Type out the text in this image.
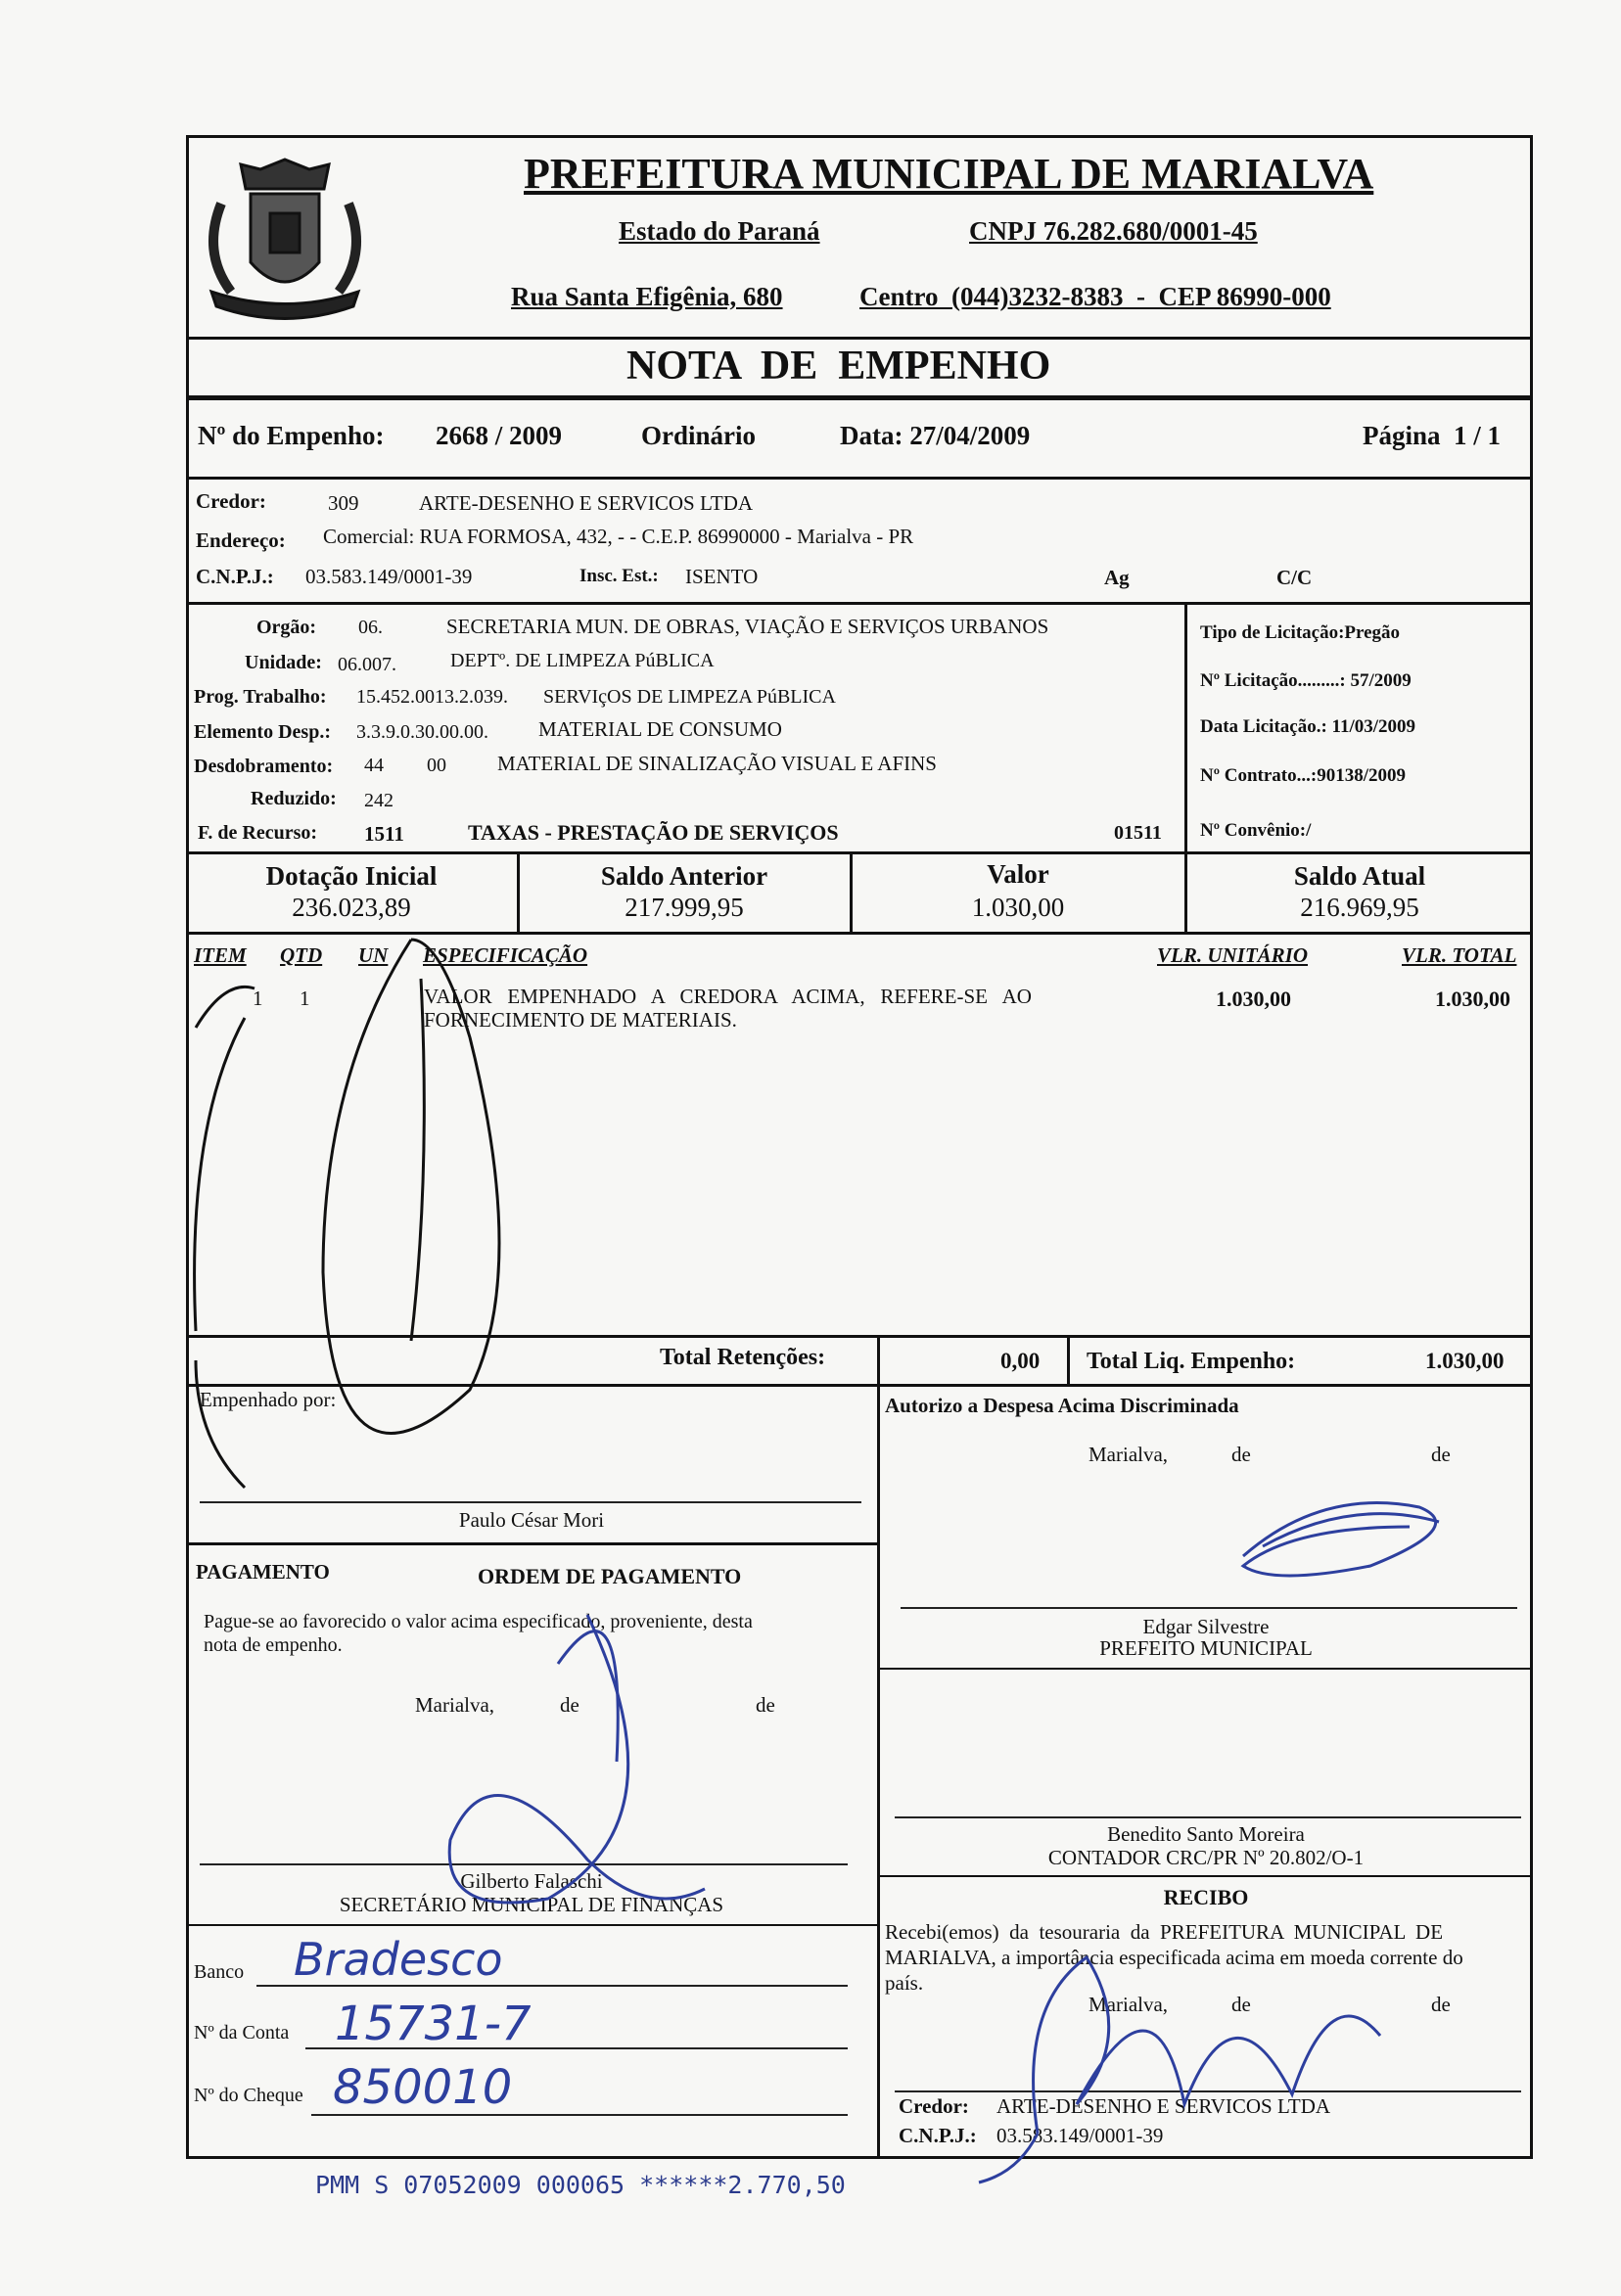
PREFEITURA MUNICIPAL DE MARIALVA
Estado do Paraná	CNPJ 76.282.680/0001-45
Rua Santa Efigênia, 680	Centro  (044)3232-8383  -  CEP 86990-000
NOTA  DE  EMPENHO
Nº do Empenho: 2668 / 2009	Ordinário	Data: 27/04/2009	Página  1 / 1
Credor:	309	ARTE-DESENHO E SERVICOS LTDA
Endereço: Comercial: RUA FORMOSA, 432, - - C.E.P. 86990000 - Marialva - PR
C.N.P.J.: 03.583.149/0001-39	Insc. Est.: ISENTO	Ag	C/C
Orgão: 06.	SECRETARIA MUN. DE OBRAS, VIAÇÃO E SERVIÇOS URBANOS
Unidade: 06.007.	DEPTº. DE LIMPEZA PúBLICA
Prog. Trabalho: 15.452.0013.2.039. SERVIçOS DE LIMPEZA PúBLICA
Elemento Desp.: 3.3.9.0.30.00.00. MATERIAL DE CONSUMO
Desdobramento: 44 00 MATERIAL DE SINALIZAÇÃO VISUAL E AFINS
Reduzido: 242
F. de Recurso: 1511	TAXAS - PRESTAÇÃO DE SERVIÇOS	01511
Tipo de Licitação:Pregão
Nº Licitação.........: 57/2009
Data Licitação.: 11/03/2009
Nº Contrato...:90138/2009
Nº Convênio:/
Dotação Inicial
236.023,89
Saldo Anterior
217.999,95
Valor
1.030,00
Saldo Atual
216.969,95
ITEM QTD UN ESPECIFICAÇÃO	VLR. UNITÁRIO	VLR. TOTAL
1 1	VALOR   EMPENHADO   A   CREDORA   ACIMA,   REFERE-SE   AO
FORNECIMENTO DE MATERIAIS.
1.030,00	1.030,00
Total Retenções:	0,00 Total Liq. Empenho:	1.030,00
Empenhado por:
Paulo César Mori
Autorizo a Despesa Acima Discriminada
Marialva,	de	de
Edgar Silvestre
PREFEITO MUNICIPAL
PAGAMENTO	ORDEM DE PAGAMENTO
Pague-se ao favorecido o valor acima especificado, proveniente, desta
nota de empenho.
Marialva,	de	de
Gilberto Falaschi
SECRETÁRIO MUNICIPAL DE FINANÇAS
Benedito Santo Moreira
CONTADOR CRC/PR Nº 20.802/O-1
Banco Bradesco
Nº da Conta 15731-7
Nº do Cheque 850010
RECIBO
Recebi(emos)  da  tesouraria  da  PREFEITURA  MUNICIPAL  DE
MARIALVA, a importância especificada acima em moeda corrente do
país.
Marialva,	de	de
Credor: ARTE-DESENHO E SERVICOS LTDA
C.N.P.J.: 03.583.149/0001-39
PMM S 07052009 000065 ******2.770,50
